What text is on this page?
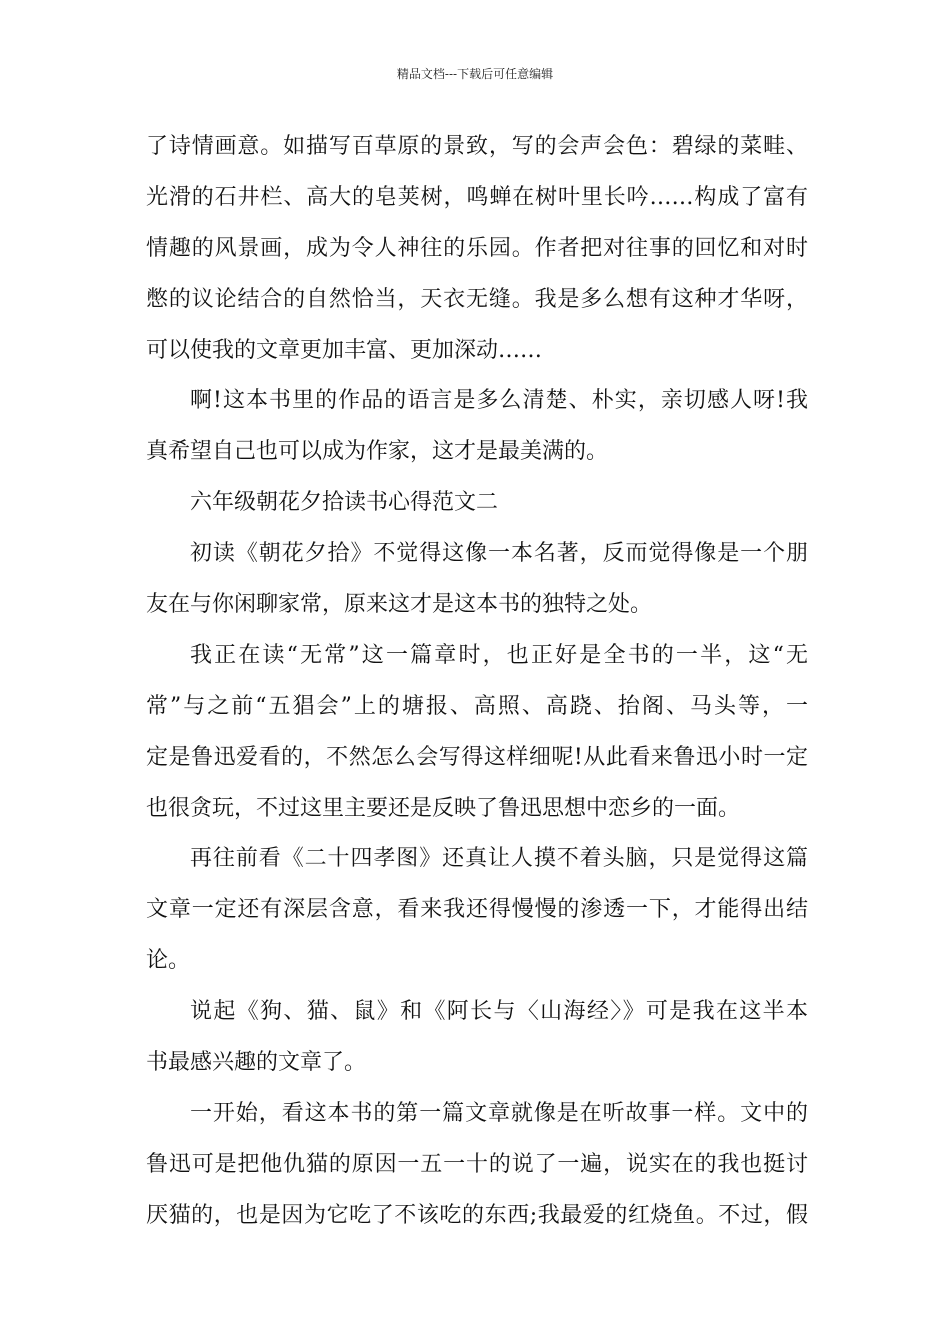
精品文档---下载后可任意编辑
了诗情画意。如描写百草原的景致，写的会声会色：碧绿的菜畦、
光滑的石井栏、高大的皂荚树，鸣蝉在树叶里长吟……构成了富有
情趣的风景画，成为令人神往的乐园。作者把对往事的回忆和对时
憋的议论结合的自然恰当，天衣无缝。我是多么想有这种才华呀，
可以使我的文章更加丰富、更加深动……
啊!这本书里的作品的语言是多么清楚、朴实，亲切感人呀!我
真希望自己也可以成为作家，这才是最美满的。
六年级朝花夕拾读书心得范文二
初读《朝花夕拾》不觉得这像一本名著，反而觉得像是一个朋
友在与你闲聊家常，原来这才是这本书的独特之处。
我正在读“无常”这一篇章时，也正好是全书的一半，这“无
常”与之前“五猖会”上的塘报、高照、高跷、抬阁、马头等，一
定是鲁迅爱看的，不然怎么会写得这样细呢!从此看来鲁迅小时一定
也很贪玩，不过这里主要还是反映了鲁迅思想中恋乡的一面。
再往前看《二十四孝图》还真让人摸不着头脑，只是觉得这篇
文章一定还有深层含意，看来我还得慢慢的渗透一下，才能得出结
论。
说起《狗、猫、鼠》和《阿长与〈山海经〉》可是我在这半本
书最感兴趣的文章了。
一开始，看这本书的第一篇文章就像是在听故事一样。文中的
鲁迅可是把他仇猫的原因一五一十的说了一遍，说实在的我也挺讨
厌猫的，也是因为它吃了不该吃的东西;我最爱的红烧鱼。不过，假
